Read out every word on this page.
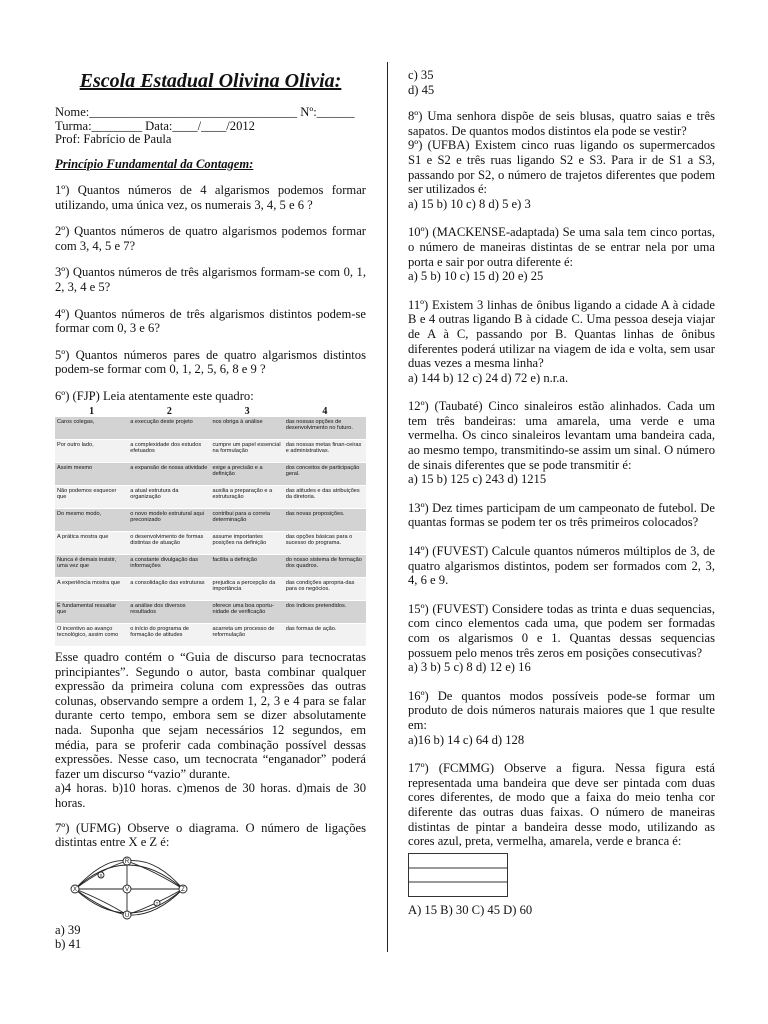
Escola Estadual Olivina Olivia:
Nome:_________________________________ Nº:______
Turma:________ Data:____/____/2012
Prof: Fabrício de Paula
Princípio Fundamental da Contagem:

1º) Quantos números de 4 algarismos podemos formar utilizando, uma única vez, os numerais 3, 4, 5 e 6 ?

2º) Quantos números de quatro algarismos podemos formar com 3, 4, 5 e 7?

3º) Quantos números de três algarismos formam-se com 0, 1, 2, 3, 4 e 5?

4º) Quantos números de três algarismos distintos podem-se formar com 0, 3 e 6?

5º) Quantos números pares de quatro algarismos distintos podem-se formar com 0, 1, 2, 5, 6, 8 e 9 ?

6º) (FJP) Leia atentamente este quadro:

1	2	3	4
Caros colegas,	a execução deste projeto	nos obriga à análise	das nossas opções de desenvolvimento no futuro.
Por outro lado,	a complexidade dos estudos efetuados	cumpre um papel essencial na formulação	das nossas metas finan-ceiras e administrativas.
Assim mesmo	a expansão de nossa atividade	exige a precisão e a definição	dos conceitos de participação geral.
Não podemos esquecer que	a atual estrutura da organização	auxilia a preparação e a estruturação	das atitudes e das atribuições da diretoria.
Do mesmo modo,	o novo modelo estrutural aqui preconizado	contribui para a correta determinação	das novas proposições.
A prática mostra que	o desenvolvimento de formas distintas de atuação	assume importantes posições na definição	das opções básicas para o sucesso do programa.
Nunca é demais insistir, uma vez que	a constante divulgação das informações	facilita a definição	do nosso sistema de formação dos quadros.
A experiência mostra que	a consolidação das estruturas	prejudica a percepção da importância	das condições apropria-das para os negócios.
É fundamental ressaltar que	a análise dos diversos resultados	oferece uma boa oportu-nidade de verificação	dos índices pretendidos.
O incentivo ao avanço tecnológico, assim como	o início do programa de formação de atitudes	acarreta um processo de reformulação	das formas de ação.

Esse quadro contém o “Guia de discurso para tecnocratas principiantes”. Segundo o autor, basta combinar qualquer expressão da primeira coluna com expressões das outras colunas, observando sempre a ordem 1, 2, 3 e 4 para se falar durante certo tempo, embora sem se dizer absolutamente nada. Suponha que sejam necessários 12 segundos, em média, para se proferir cada combinação possível dessas expressões. Nesse caso, um tecnocrata “enganador” poderá fazer um discurso “vazio” durante.

a)4 horas. b)10 horas. c)menos de 30 horas. d)mais de 30 horas.

7º) (UFMG) Observe o diagrama. O número de ligações distintas entre X e Z é:

R
X	V	Z
U
S
T
a) 39
b) 41
c) 35
d) 45

8º) Uma senhora dispõe de seis blusas, quatro saias e três sapatos. De quantos modos distintos ela pode se vestir?

9º) (UFBA) Existem cinco ruas ligando os supermercados S1 e S2 e três ruas ligando S2 e S3. Para ir de S1 a S3, passando por S2, o número de trajetos diferentes que podem ser utilizados é:

a) 15 b) 10 c) 8 d) 5 e) 3

10º) (MACKENSE-adaptada) Se uma sala tem cinco portas, o número de maneiras distintas de se entrar nela por uma porta e sair por outra diferente é:

a) 5 b) 10 c) 15 d) 20 e) 25

11º) Existem 3 linhas de ônibus ligando a cidade A à cidade B e 4 outras ligando B à cidade C. Uma pessoa deseja viajar de A à C, passando por B. Quantas linhas de ônibus diferentes poderá utilizar na viagem de ida e volta, sem usar duas vezes a mesma linha?

a) 144 b) 12 c) 24 d) 72 e) n.r.a.

12º) (Taubaté) Cinco sinaleiros estão alinhados. Cada um tem três bandeiras: uma amarela, uma verde e uma vermelha. Os cinco sinaleiros levantam uma bandeira cada, ao mesmo tempo, transmitindo-se assim um sinal. O número de sinais diferentes que se pode transmitir é:

a) 15 b) 125 c) 243 d) 1215

13º) Dez times participam de um campeonato de futebol. De quantas formas se podem ter os três primeiros colocados?

14º) (FUVEST) Calcule quantos números múltiplos de 3, de quatro algarismos distintos, podem ser formados com 2, 3, 4, 6 e 9.

15º) (FUVEST) Considere todas as trinta e duas sequencias, com cinco elementos cada uma, que podem ser formadas com os algarismos 0 e 1. Quantas dessas sequencias possuem pelo menos três zeros em posições consecutivas?

a) 3 b) 5 c) 8 d) 12 e) 16

16º) De quantos modos possíveis pode-se formar um produto de dois números naturais maiores que 1 que resulte em:

a)16 b) 14 c) 64 d) 128

17º) (FCMMG) Observe a figura. Nessa figura está representada uma bandeira que deve ser pintada com duas cores diferentes, de modo que a faixa do meio tenha cor diferente das outras duas faixas. O número de maneiras distintas de pintar a bandeira desse modo, utilizando as cores azul, preta, vermelha, amarela, verde e branca é:

A) 15 B) 30 C) 45 D) 60
